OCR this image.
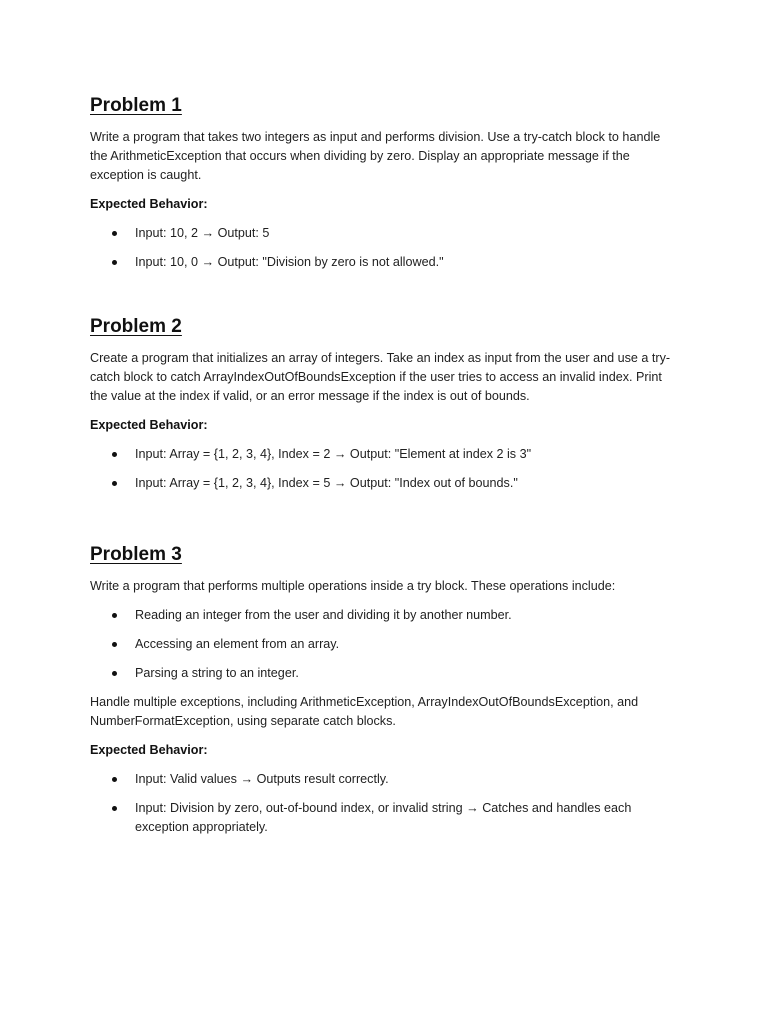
Problem 1

Write a program that takes two integers as input and performs division. Use a try-catch block to handle the ArithmeticException that occurs when dividing by zero. Display an appropriate message if the exception is caught.

Expected Behavior:

Input: 10, 2 → Output: 5
Input: 10, 0 → Output: "Division by zero is not allowed."
Problem 2

Create a program that initializes an array of integers. Take an index as input from the user and use a try-catch block to catch ArrayIndexOutOfBoundsException if the user tries to access an invalid index. Print the value at the index if valid, or an error message if the index is out of bounds.

Expected Behavior:

Input: Array = {1, 2, 3, 4}, Index = 2 → Output: "Element at index 2 is 3"
Input: Array = {1, 2, 3, 4}, Index = 5 → Output: "Index out of bounds."
Problem 3

Write a program that performs multiple operations inside a try block. These operations include:

Reading an integer from the user and dividing it by another number.
Accessing an element from an array.
Parsing a string to an integer.

Handle multiple exceptions, including ArithmeticException, ArrayIndexOutOfBoundsException, and NumberFormatException, using separate catch blocks.

Expected Behavior:

Input: Valid values → Outputs result correctly.
Input: Division by zero, out-of-bound index, or invalid string → Catches and handles each exception appropriately.
